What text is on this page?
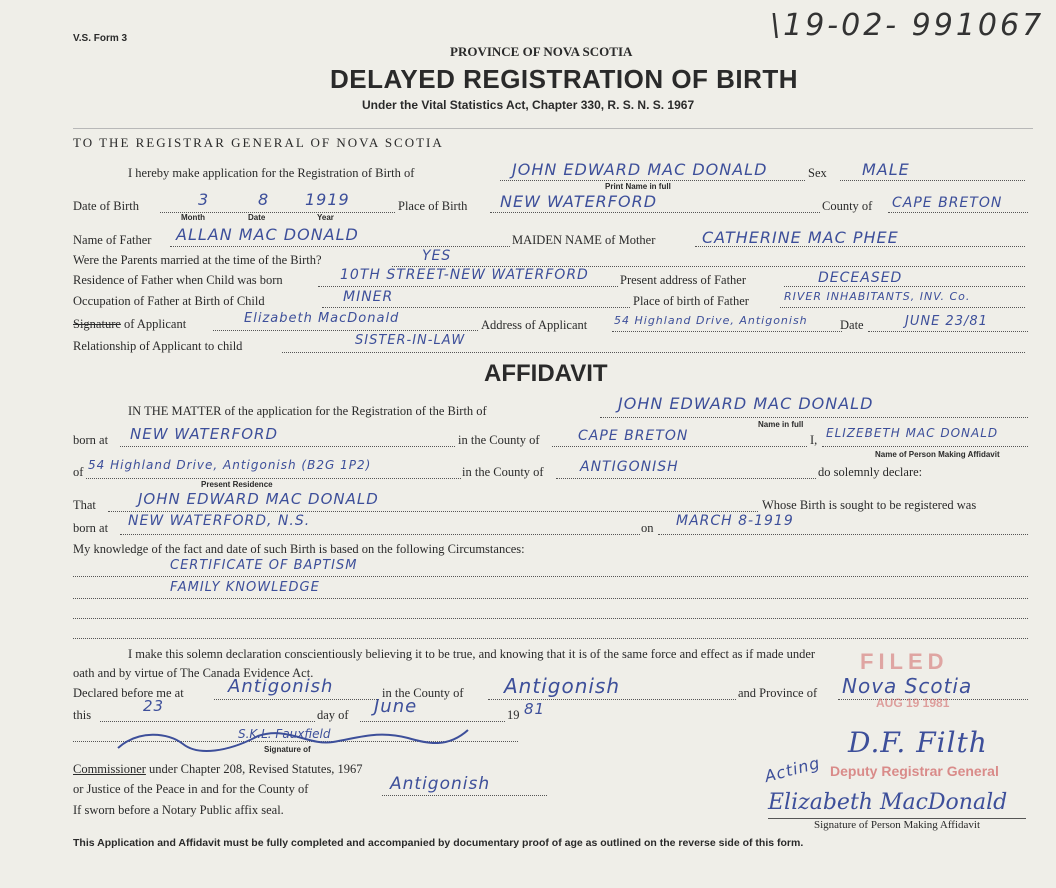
V.S. Form 3
PROVINCE OF NOVA SCOTIA
DELAYED REGISTRATION OF BIRTH
Under the Vital Statistics Act, Chapter 330, R. S. N. S. 1967
\19-02- 991067
TO THE REGISTRAR GENERAL OF NOVA SCOTIA
I hereby make application for the Registration of Birth of	JOHN EDWARD MAC DONALD	Sex MALE
Print Name in full
Date of Birth	3	8 1919
Month	Date	Year
Place of Birth NEW WATERFORD	County of CAPE BRETON
Name of Father ALLAN MAC DONALD	MAIDEN NAME of Mother	CATHERINE MAC PHEE
Were the Parents married at the time of the Birth?	YES
Residence of Father when Child was born	10TH STREET-NEW WATERFORD Present address of Father	DECEASED
Occupation of Father at Birth of Child	MINER	Place of birth of Father	RIVER INHABITANTS, INV. Co.
Signature of Applicant	Elizabeth MacDonald	Address of Applicant 54 Highland Drive, Antigonish	Date	JUNE 23/81
Relationship of Applicant to child	SISTER-IN-LAW
AFFIDAVIT
IN THE MATTER of the application for the Registration of the Birth of	JOHN EDWARD MAC DONALD
Name in full
born at NEW WATERFORD	in the County of	CAPE BRETON	I, ELIZEBETH MAC DONALD
Name of Person Making Affidavit
of 54 Highland Drive, Antigonish (B2G 1P2)	in the County of	ANTIGONISH	do solemnly declare:
Present Residence
That	JOHN EDWARD MAC DONALD	Whose Birth is sought to be registered was
born at NEW WATERFORD, N.S.	on MARCH 8-1919
My knowledge of the fact and date of such Birth is based on the following Circumstances:
CERTIFICATE OF BAPTISM
FAMILY KNOWLEDGE
I make this solemn declaration conscientiously believing it to be true, and knowing that it is of the same force and effect as if made under
oath and by virtue of The Canada Evidence Act.
Declared before me at Antigonish	in the County of Antigonish	and Province of Nova Scotia
this	23	day of June	19 81
S.K.L. Fauxfield
Signature of
Commissioner under Chapter 208, Revised Statutes, 1967
or Justice of the Peace in and for the County of	Antigonish
If sworn before a Notary Public affix seal.	Elizabeth MacDonald
Signature of Person Making Affidavit
FILED
AUG 19 1981
D.F. Filth
Acting Deputy Registrar General
This Application and Affidavit must be fully completed and accompanied by documentary proof of age as outlined on the reverse side of this form.
